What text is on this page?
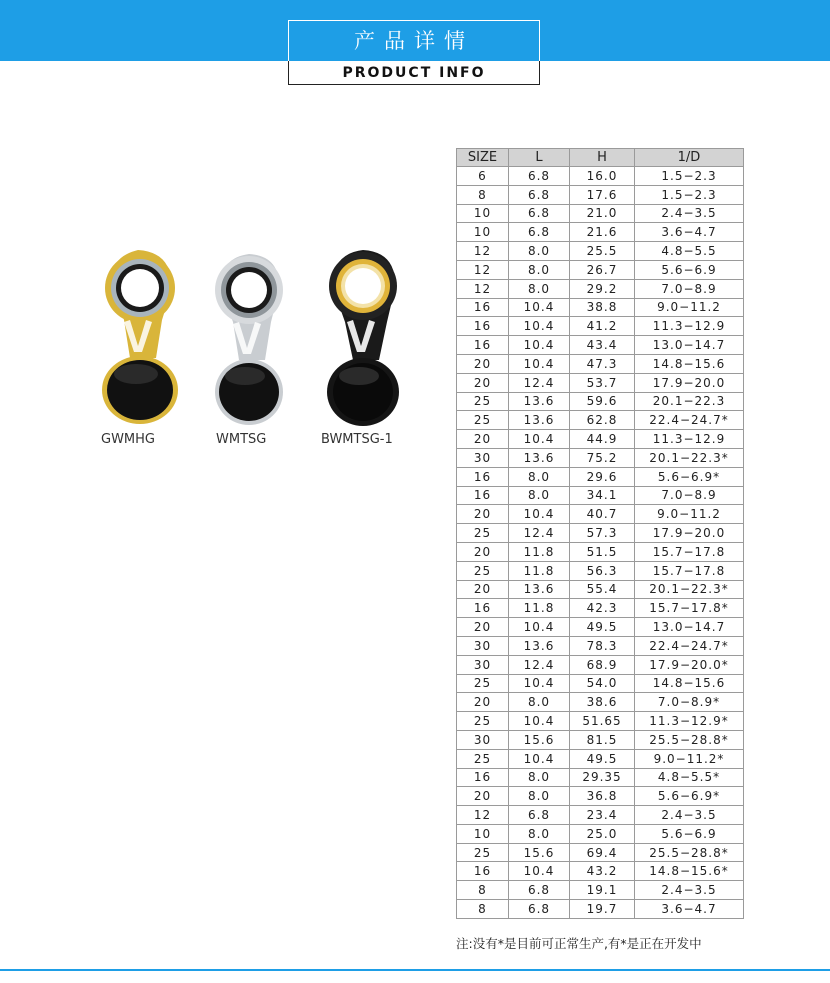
产品详情
PRODUCT INFO
GWMHG	WMTSG	BWMTSG-1
SIZE	L	H	1/D
6	6.8	16.0	1.5−2.3
8	6.8	17.6	1.5−2.3
10	6.8	21.0	2.4−3.5
10	6.8	21.6	3.6−4.7
12	8.0	25.5	4.8−5.5
12	8.0	26.7	5.6−6.9
12	8.0	29.2	7.0−8.9
16	10.4	38.8	9.0−11.2
16	10.4	41.2	11.3−12.9
16	10.4	43.4	13.0−14.7
20	10.4	47.3	14.8−15.6
20	12.4	53.7	17.9−20.0
25	13.6	59.6	20.1−22.3
25	13.6	62.8	22.4−24.7*
20	10.4	44.9	11.3−12.9
30	13.6	75.2	20.1−22.3*
16	8.0	29.6	5.6−6.9*
16	8.0	34.1	7.0−8.9
20	10.4	40.7	9.0−11.2
25	12.4	57.3	17.9−20.0
20	11.8	51.5	15.7−17.8
25	11.8	56.3	15.7−17.8
20	13.6	55.4	20.1−22.3*
16	11.8	42.3	15.7−17.8*
20	10.4	49.5	13.0−14.7
30	13.6	78.3	22.4−24.7*
30	12.4	68.9	17.9−20.0*
25	10.4	54.0	14.8−15.6
20	8.0	38.6	7.0−8.9*
25	10.4	51.65	11.3−12.9*
30	15.6	81.5	25.5−28.8*
25	10.4	49.5	9.0−11.2*
16	8.0	29.35	4.8−5.5*
20	8.0	36.8	5.6−6.9*
12	6.8	23.4	2.4−3.5
10	8.0	25.0	5.6−6.9
25	15.6	69.4	25.5−28.8*
16	10.4	43.2	14.8−15.6*
8	6.8	19.1	2.4−3.5
8	6.8	19.7	3.6−4.7
注:没有*是目前可正常生产,有*是正在开发中
